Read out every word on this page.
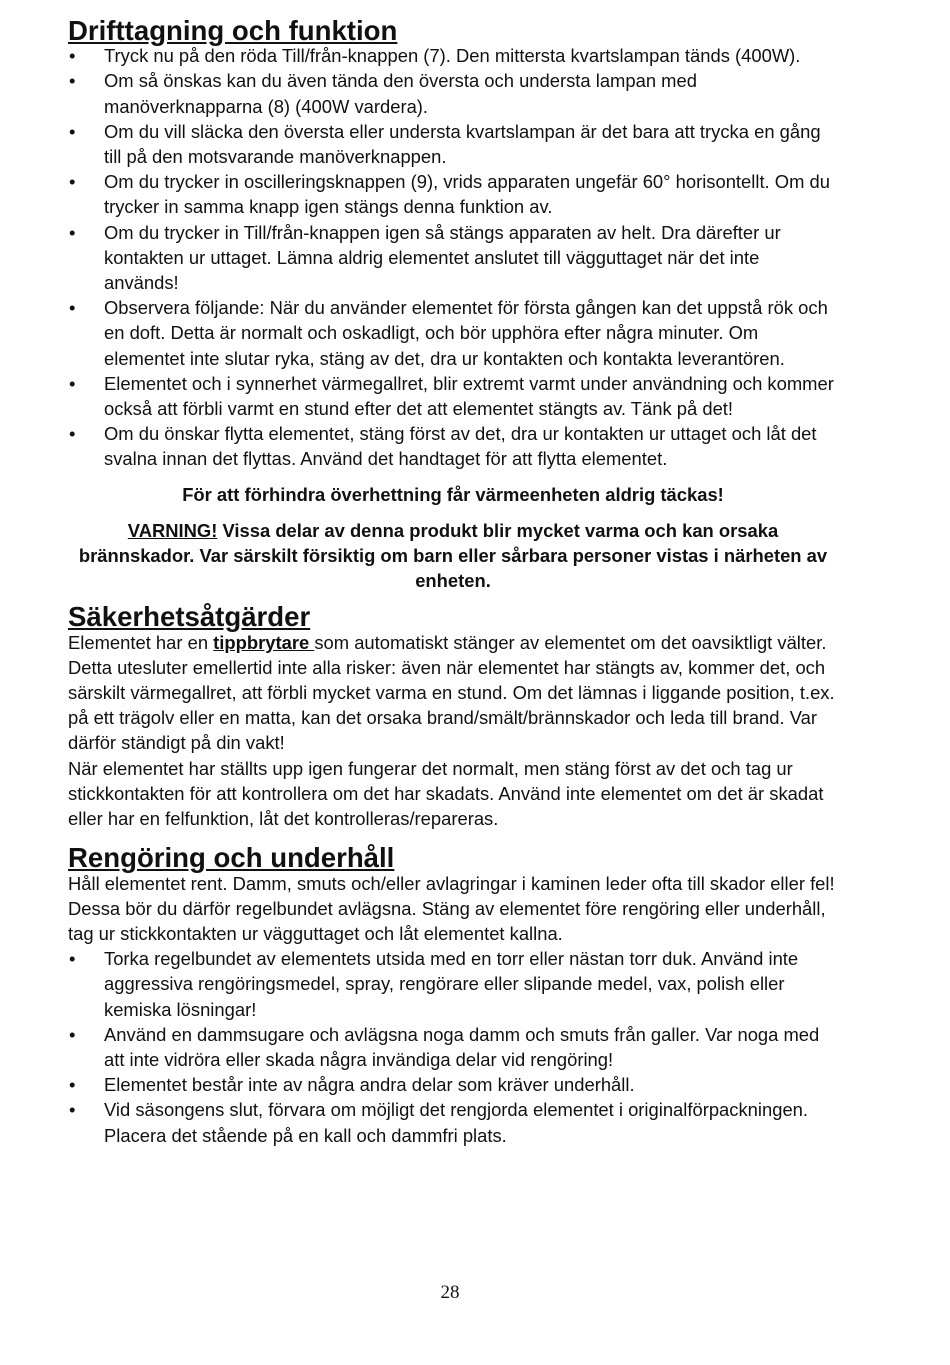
Drifttagning och funktion
• Tryck nu på den röda Till/från-knappen (7). Den mittersta kvartslampan tänds (400W).
• Om så önskas kan du även tända den översta och understa lampan med manöverknapparna (8) (400W vardera).
• Om du vill släcka den översta eller understa kvartslampan är det bara att trycka en gång till på den motsvarande manöverknappen.
• Om du trycker in oscilleringsknappen (9), vrids apparaten ungefär 60° horisontellt. Om du trycker in samma knapp igen stängs denna funktion av.
• Om du trycker in Till/från-knappen igen så stängs apparaten av helt. Dra därefter ur kontakten ur uttaget. Lämna aldrig elementet anslutet till vägguttaget när det inte används!
• Observera följande: När du använder elementet för första gången kan det uppstå rök och en doft. Detta är normalt och oskadligt, och bör upphöra efter några minuter. Om elementet inte slutar ryka, stäng av det, dra ur kontakten och kontakta leverantören.
• Elementet och i synnerhet värmegallret, blir extremt varmt under användning och kommer också att förbli varmt en stund efter det att elementet stängts av. Tänk på det!
• Om du önskar flytta elementet, stäng först av det, dra ur kontakten ur uttaget och låt det svalna innan det flyttas. Använd det handtaget för att flytta elementet.

För att förhindra överhettning får värmeenheten aldrig täckas!

VARNING! Vissa delar av denna produkt blir mycket varma och kan orsaka brännskador. Var särskilt försiktig om barn eller sårbara personer vistas i närheten av enheten.

Säkerhetsåtgärder

Elementet har en tippbrytare som automatiskt stänger av elementet om det oavsiktligt välter. Detta utesluter emellertid inte alla risker: även när elementet har stängts av, kommer det, och särskilt värmegallret, att förbli mycket varma en stund. Om det lämnas i liggande position, t.ex. på ett trägolv eller en matta, kan det orsaka brand/smält/brännskador och leda till brand. Var därför ständigt på din vakt!

När elementet har ställts upp igen fungerar det normalt, men stäng först av det och tag ur stickkontakten för att kontrollera om det har skadats. Använd inte elementet om det är skadat eller har en felfunktion, låt det kontrolleras/repareras.

Rengöring och underhåll

Håll elementet rent. Damm, smuts och/eller avlagringar i kaminen leder ofta till skador eller fel! Dessa bör du därför regelbundet avlägsna. Stäng av elementet före rengöring eller underhåll, tag ur stickkontakten ur vägguttaget och låt elementet kallna.

• Torka regelbundet av elementets utsida med en torr eller nästan torr duk. Använd inte aggressiva rengöringsmedel, spray, rengörare eller slipande medel, vax, polish eller kemiska lösningar!
• Använd en dammsugare och avlägsna noga damm och smuts från galler. Var noga med att inte vidröra eller skada några invändiga delar vid rengöring!
• Elementet består inte av några andra delar som kräver underhåll.
• Vid säsongens slut, förvara om möjligt det rengjorda elementet i originalförpackningen. Placera det stående på en kall och dammfri plats.
28
